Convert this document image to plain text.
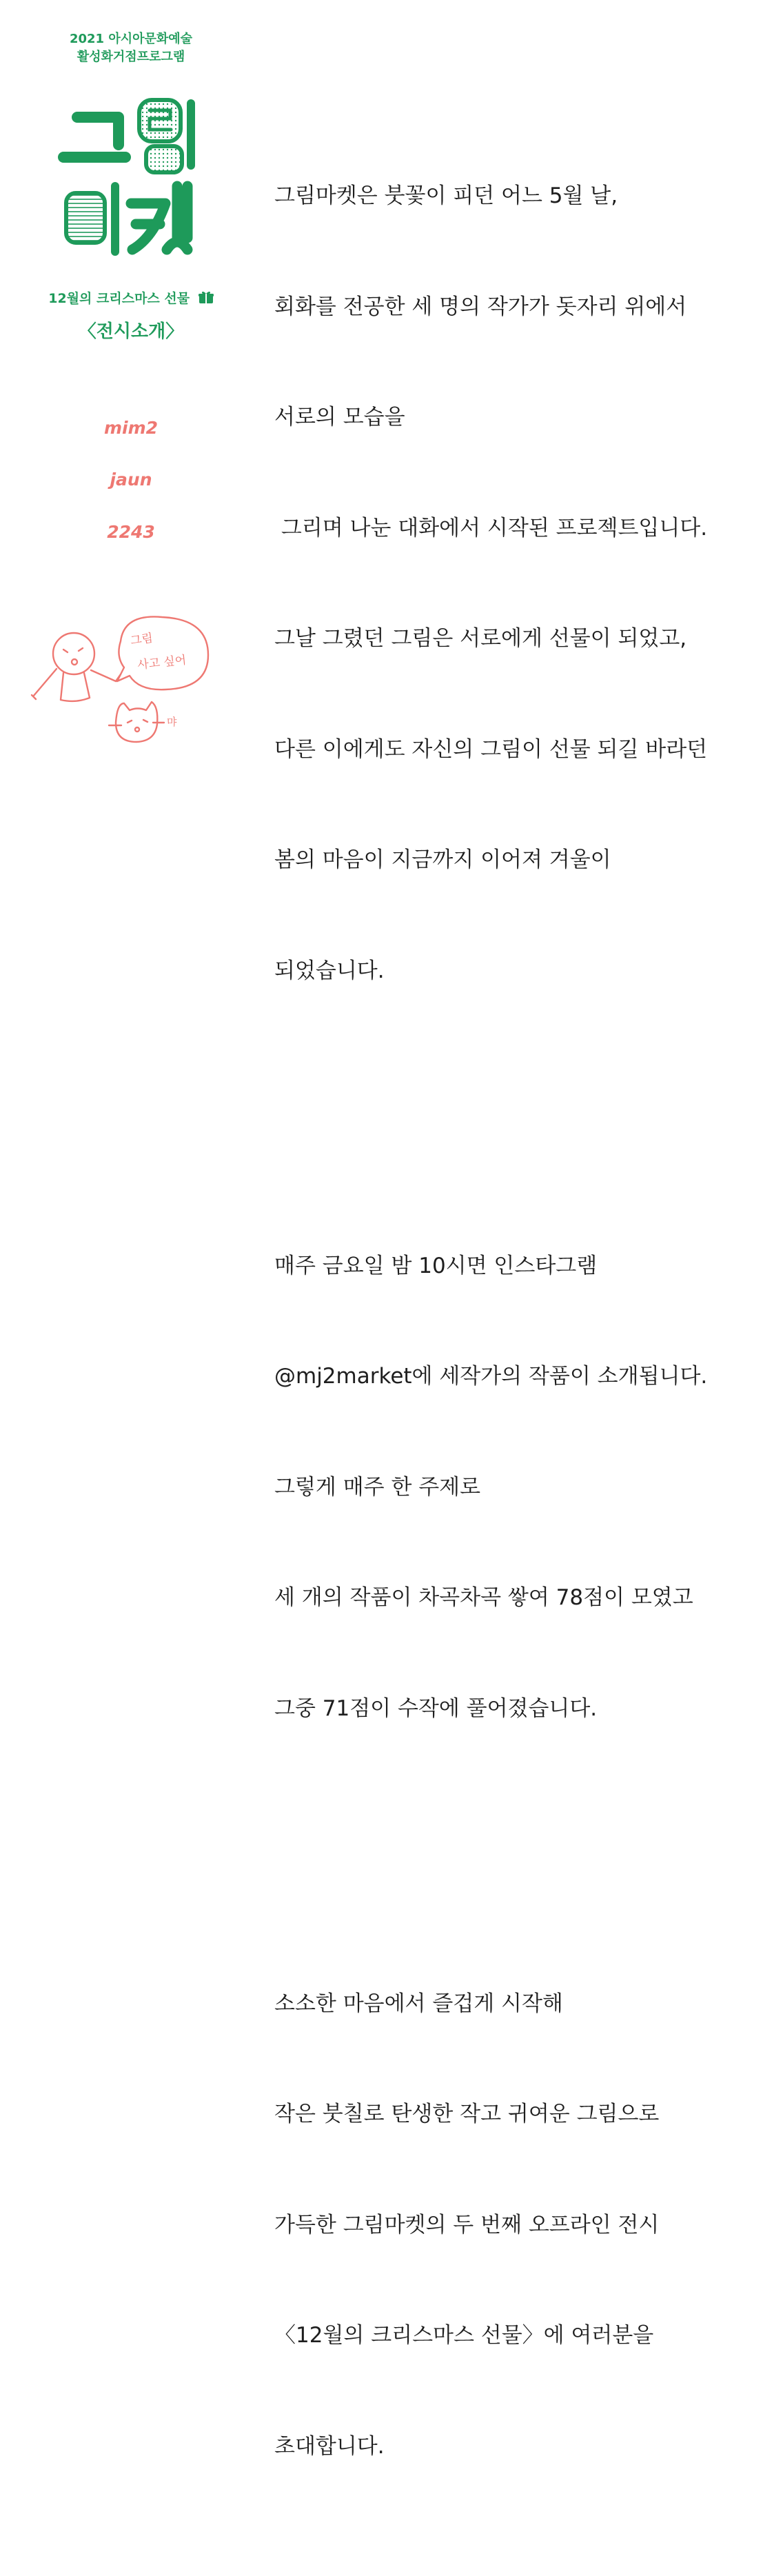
2021 아시아문화예술
활성화거점프로그램
12월의 크리스마스 선물
〈전시소개〉
mim2
jaun
2243
그림
사고 싶어
먀

그림마켓은 붓꽃이 피던 어느 5월 날,

회화를 전공한 세 명의 작가가 돗자리 위에서

서로의 모습을

그리며 나눈 대화에서 시작된 프로젝트입니다.

그날 그렸던 그림은 서로에게 선물이 되었고,

다른 이에게도 자신의 그림이 선물 되길 바라던

봄의 마음이 지금까지 이어져 겨울이

되었습니다.

매주 금요일 밤 10시면 인스타그램

@mj2market에 세작가의 작품이 소개됩니다.

그렇게 매주 한 주제로

세 개의 작품이 차곡차곡 쌓여 78점이 모였고

그중 71점이 수작에 풀어졌습니다.

소소한 마음에서 즐겁게 시작해

작은 붓칠로 탄생한 작고 귀여운 그림으로

가득한 그림마켓의 두 번째 오프라인 전시

〈12월의 크리스마스 선물〉에 여러분을

초대합니다.
